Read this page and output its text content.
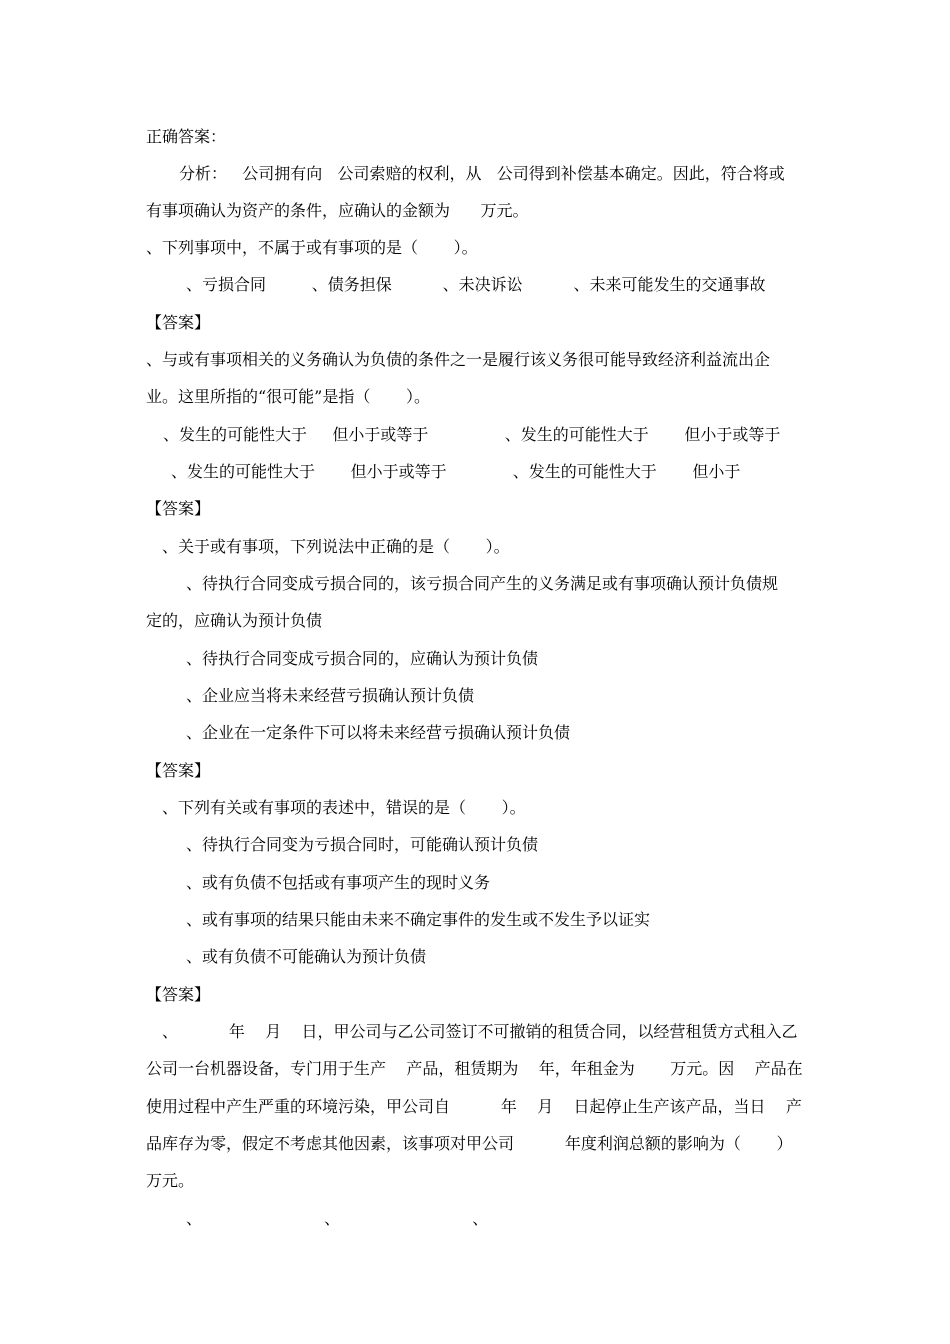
正确答案：

分析：   公司拥有向   公司索赔的权利，从   公司得到补偿基本确定。因此，符合将或

有事项确认为资产的条件，应确认的金额为      万元。

、下列事项中，不属于或有事项的是（       ）。

、亏损合同         、债务担保          、未决诉讼          、未来可能发生的交通事故

【答案】

、与或有事项相关的义务确认为负债的条件之一是履行该义务很可能导致经济利益流出企

业。这里所指的“很可能”是指（       ）。

、发生的可能性大于     但小于或等于               、发生的可能性大于       但小于或等于

、发生的可能性大于       但小于或等于             、发生的可能性大于       但小于

【答案】

、关于或有事项，下列说法中正确的是（       ）。

、待执行合同变成亏损合同的，该亏损合同产生的义务满足或有事项确认预计负债规

定的，应确认为预计负债

、待执行合同变成亏损合同的，应确认为预计负债

、企业应当将未来经营亏损确认预计负债

、企业在一定条件下可以将未来经营亏损确认预计负债

【答案】

、下列有关或有事项的表述中，错误的是（       ）。

、待执行合同变为亏损合同时，可能确认预计负债

、或有负债不包括或有事项产生的现时义务

、或有事项的结果只能由未来不确定事件的发生或不发生予以证实

、或有负债不可能确认为预计负债

【答案】

、          年    月    日，甲公司与乙公司签订不可撤销的租赁合同，以经营租赁方式租入乙

公司一台机器设备，专门用于生产    产品，租赁期为    年，年租金为       万元。因    产品在

使用过程中产生严重的环境污染，甲公司自          年    月    日起停止生产该产品，当日    产

品库存为零，假定不考虑其他因素，该事项对甲公司          年度利润总额的影响为（       ）

万元。

、                        、                          、
